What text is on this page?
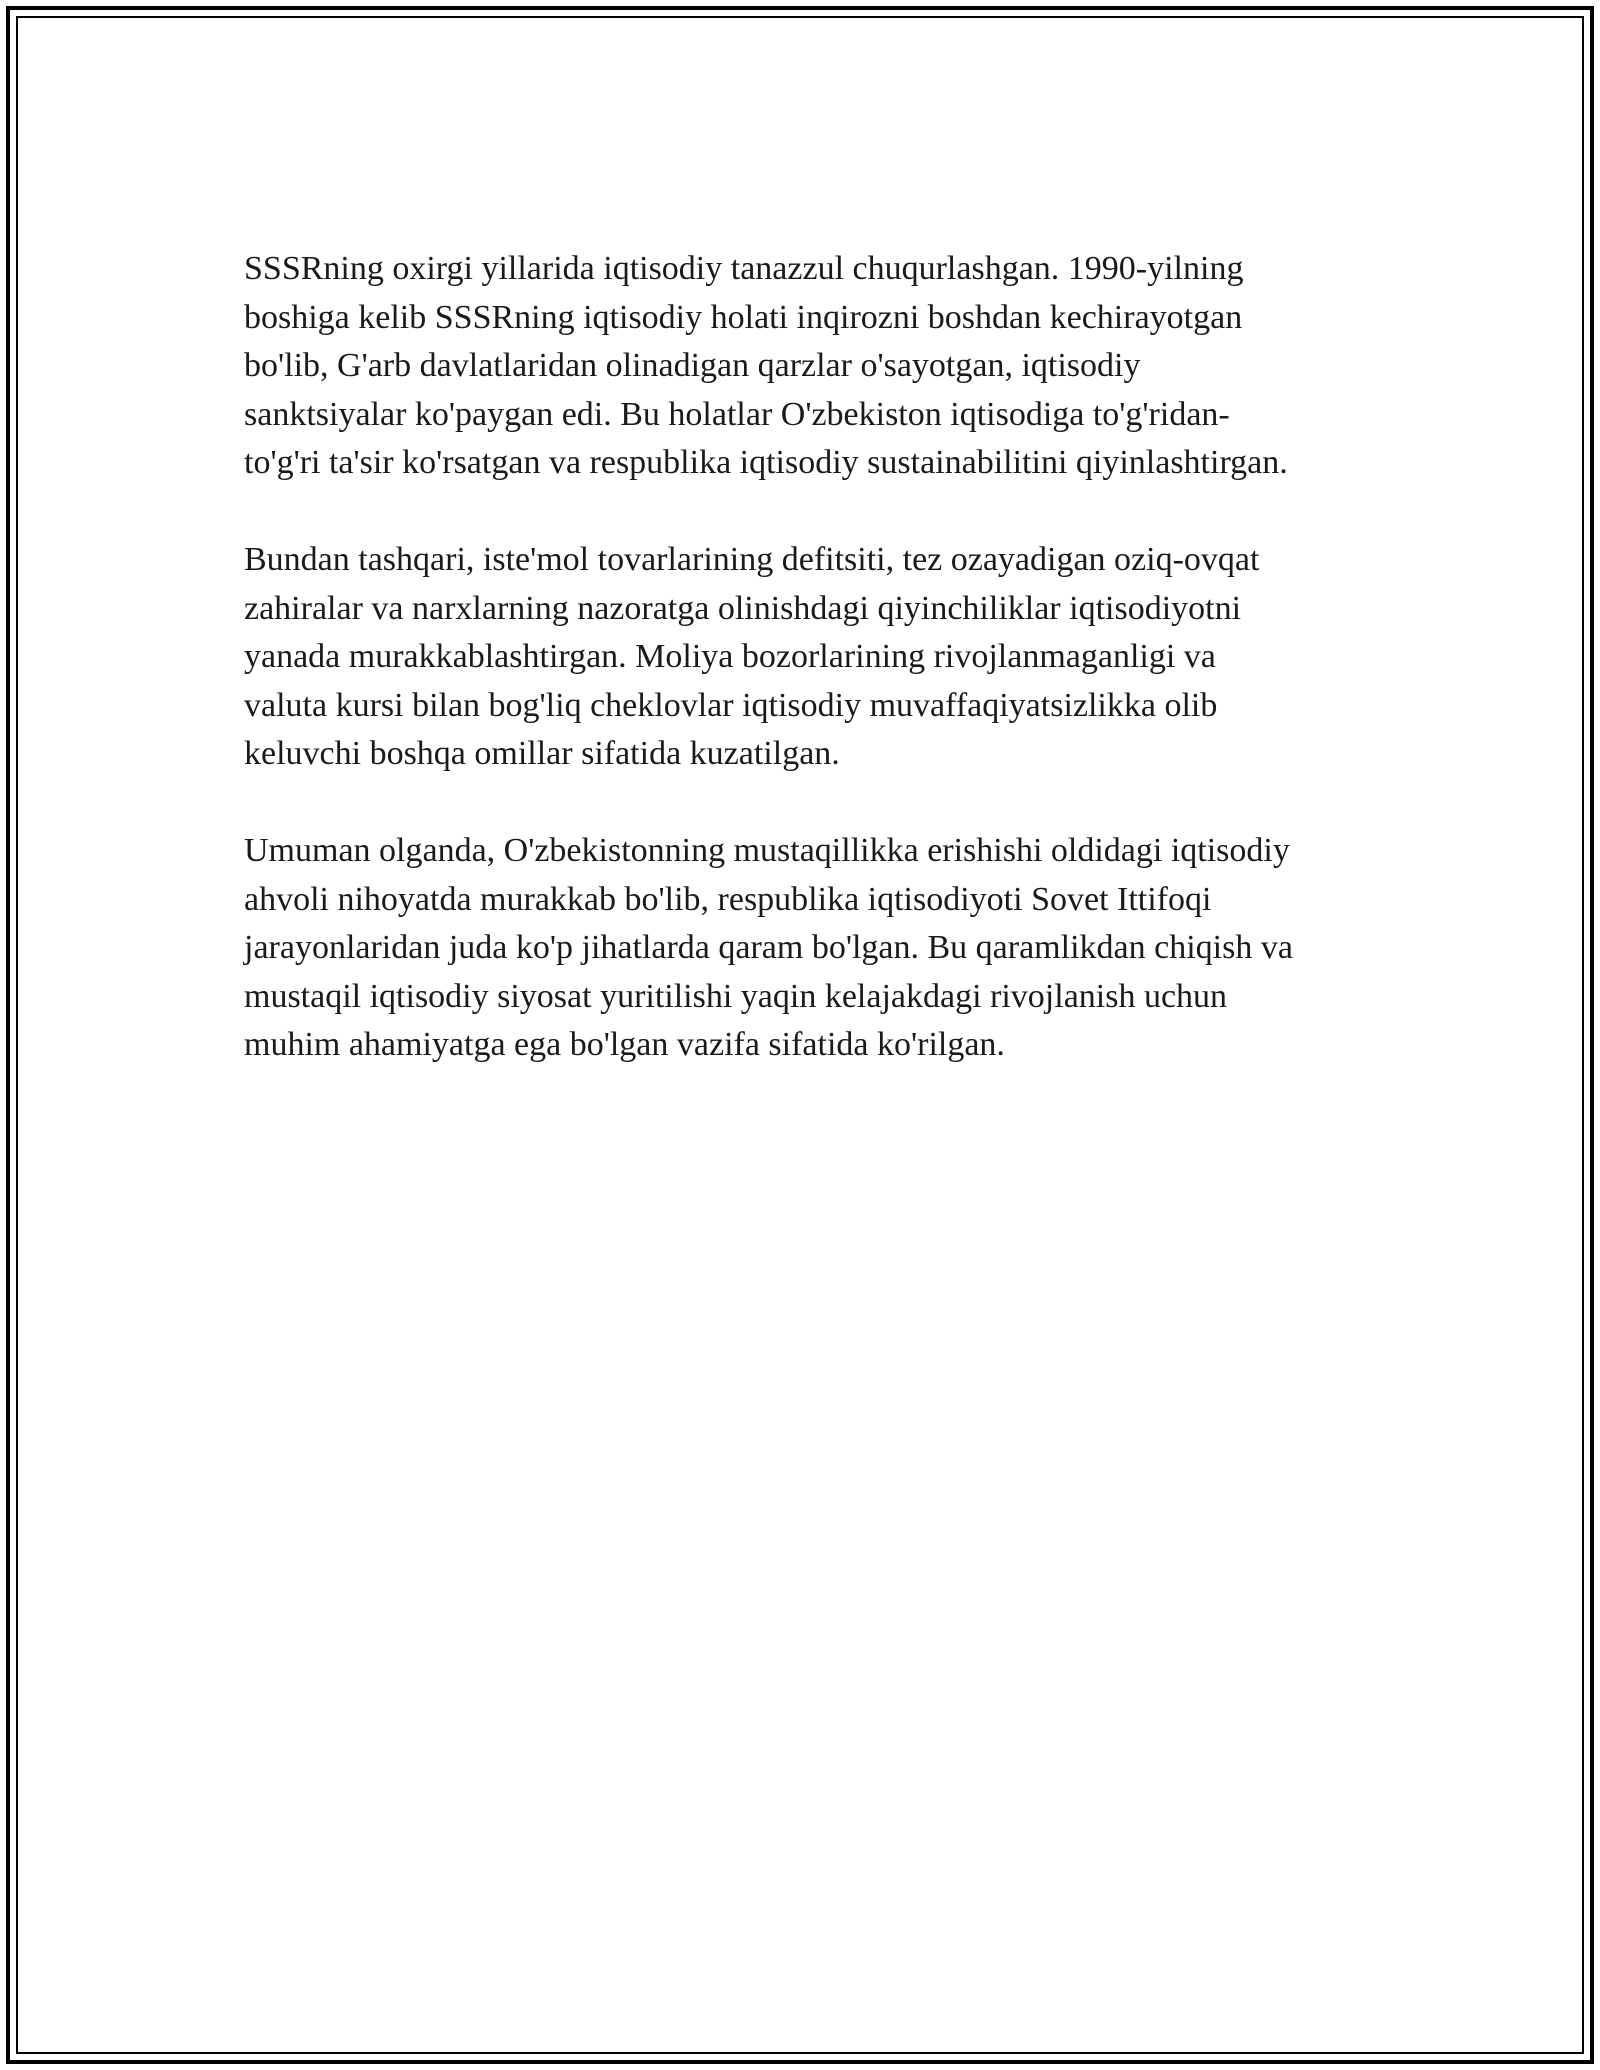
SSSRning oxirgi yillarida iqtisodiy tanazzul chuqurlashgan. 1990-yilning
boshiga kelib SSSRning iqtisodiy holati inqirozni boshdan kechirayotgan
bo'lib, G'arb davlatlaridan olinadigan qarzlar o'sayotgan, iqtisodiy
sanktsiyalar ko'paygan edi. Bu holatlar O'zbekiston iqtisodiga to'g'ridan-
to'g'ri ta'sir ko'rsatgan va respublika iqtisodiy sustainabilitini qiyinlashtirgan.

Bundan tashqari, iste'mol tovarlarining defitsiti, tez ozayadigan oziq-ovqat
zahiralar va narxlarning nazoratga olinishdagi qiyinchiliklar iqtisodiyotni
yanada murakkablashtirgan. Moliya bozorlarining rivojlanmaganligi va
valuta kursi bilan bog'liq cheklovlar iqtisodiy muvaffaqiyatsizlikka olib
keluvchi boshqa omillar sifatida kuzatilgan.

Umuman olganda, O'zbekistonning mustaqillikka erishishi oldidagi iqtisodiy
ahvoli nihoyatda murakkab bo'lib, respublika iqtisodiyoti Sovet Ittifoqi
jarayonlaridan juda ko'p jihatlarda qaram bo'lgan. Bu qaramlikdan chiqish va
mustaqil iqtisodiy siyosat yuritilishi yaqin kelajakdagi rivojlanish uchun
muhim ahamiyatga ega bo'lgan vazifa sifatida ko'rilgan.
